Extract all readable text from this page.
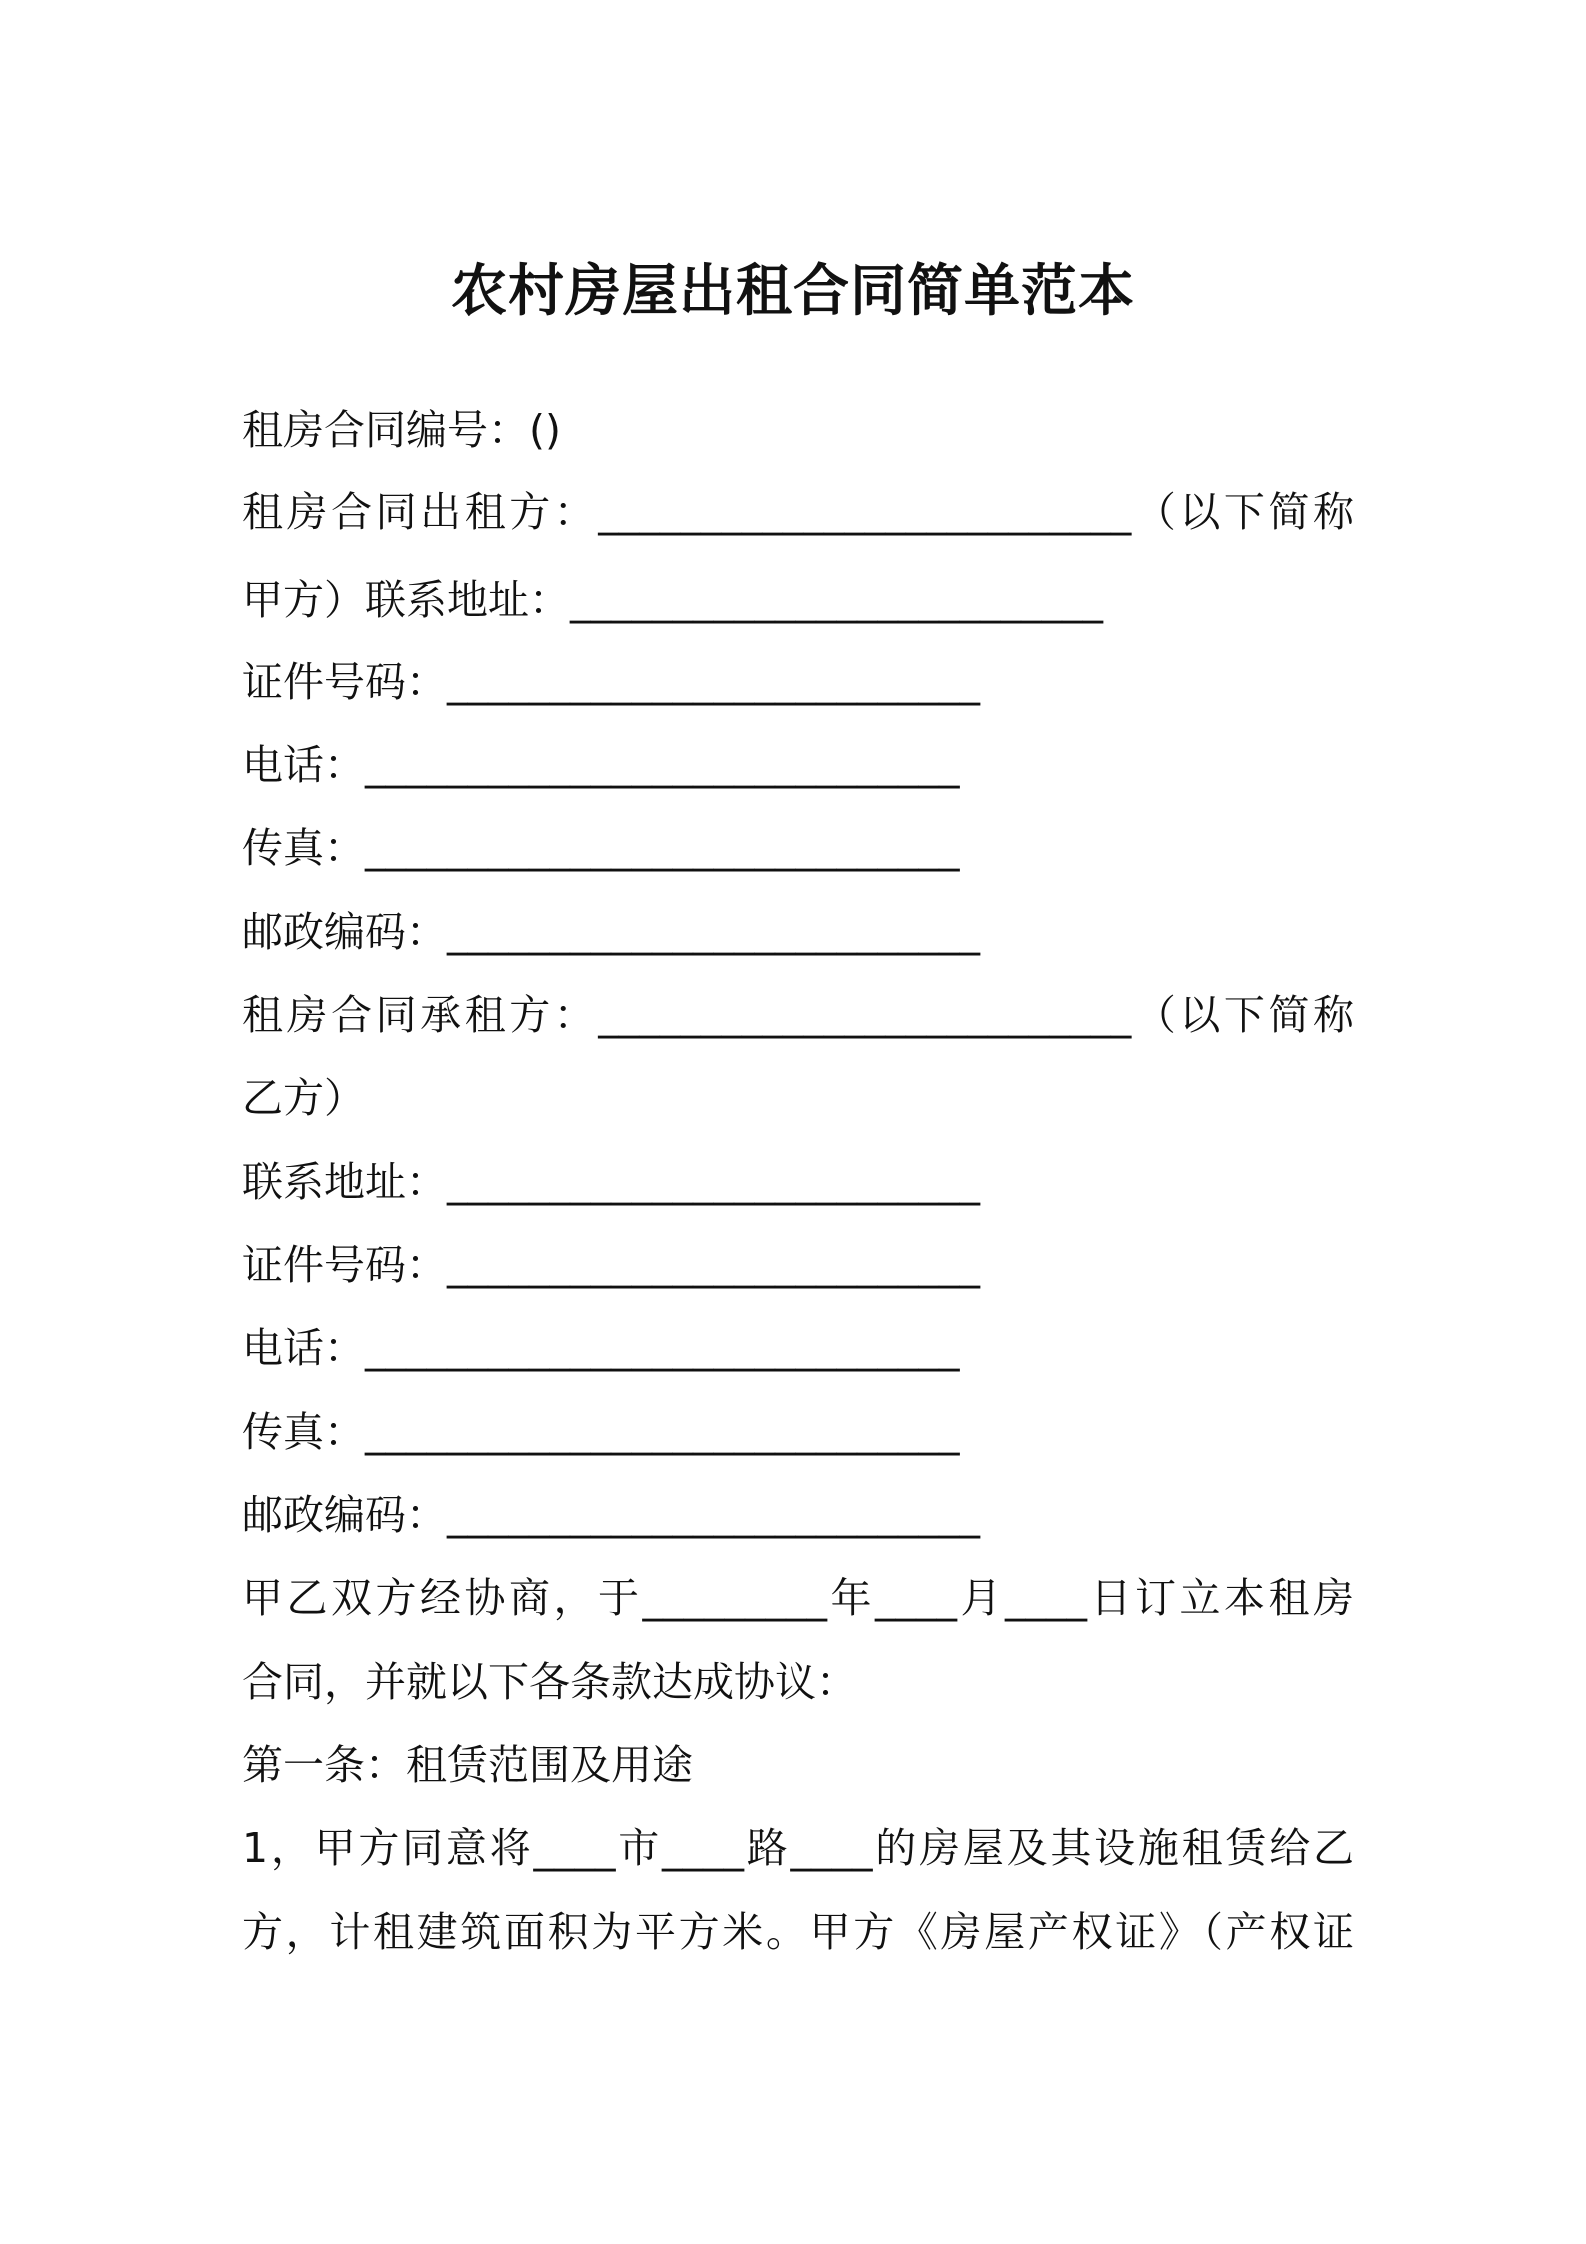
农村房屋出租合同简单范本
租房合同编号：()
租房合同出租方：__________________________（以下简称
甲方）联系地址：__________________________
证件号码：__________________________
电话：_____________________________
传真：_____________________________
邮政编码：__________________________
租房合同承租方：__________________________（以下简称
乙方）
联系地址：__________________________
证件号码：__________________________
电话：_____________________________
传真：_____________________________
邮政编码：__________________________
甲乙双方经协商，于_________年____月____日订立本租房
合同，并就以下各条款达成协议：
第一条：租赁范围及用途
1，甲方同意将____市____路____的房屋及其设施租赁给乙
方，计租建筑面积为平方米。甲方《房屋产权证》（产权证
